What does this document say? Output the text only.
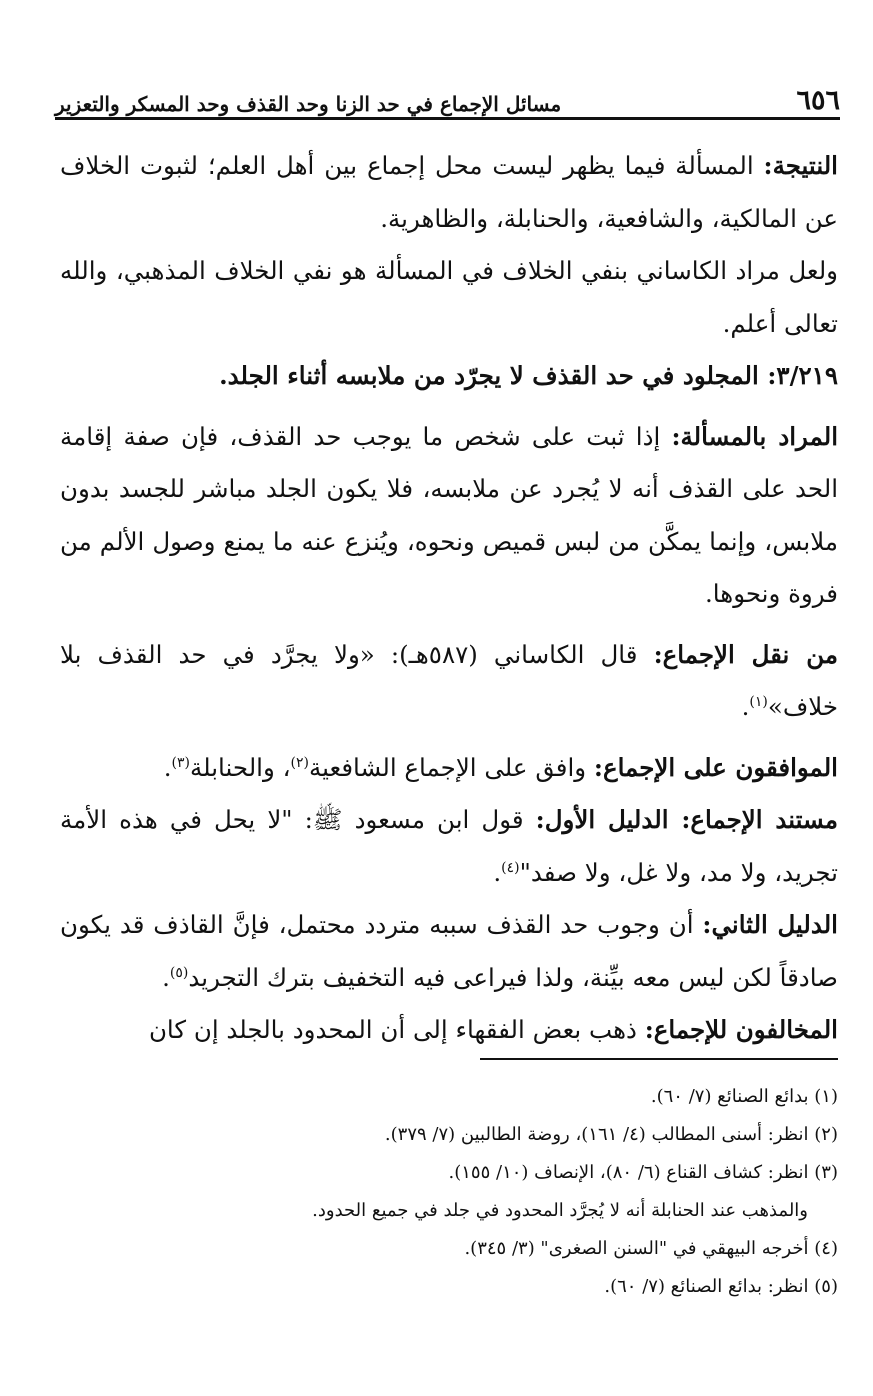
٦٥٦
مسائل الإجماع في حد الزنا وحد القذف وحد المسكر والتعزير

النتيجة: المسألة فيما يظهر ليست محل إجماع بين أهل العلم؛ لثبوت الخلاف عن المالكية، والشافعية، والحنابلة، والظاهرية.

ولعل مراد الكاساني بنفي الخلاف في المسألة هو نفي الخلاف المذهبي، والله تعالى أعلم.

٣/٢١٩: المجلود في حد القذف لا يجرّد من ملابسه أثناء الجلد.

المراد بالمسألة: إذا ثبت على شخص ما يوجب حد القذف، فإن صفة إقامة الحد على القذف أنه لا يُجرد عن ملابسه، فلا يكون الجلد مباشر للجسد بدون ملابس، وإنما يمكَّن من لبس قميص ونحوه، ويُنزع عنه ما يمنع وصول الألم من فروة ونحوها.

من نقل الإجماع: قال الكاساني (٥٨٧هـ): «ولا يجرَّد في حد القذف بلا خلاف»$^{(١)}$.

الموافقون على الإجماع: وافق على الإجماع الشافعية$^{(٢)}$، والحنابلة$^{(٣)}$.

مستند الإجماع: الدليل الأول: قول ابن مسعود ﷺ: "لا يحل في هذه الأمة تجريد، ولا مد، ولا غل، ولا صفد"$^{(٤)}$.

الدليل الثاني: أن وجوب حد القذف سببه متردد محتمل، فإنَّ القاذف قد يكون صادقاً لكن ليس معه بيِّنة، ولذا فيراعى فيه التخفيف بترك التجريد$^{(٥)}$.

المخالفون للإجماع: ذهب بعض الفقهاء إلى أن المحدود بالجلد إن كان

(١) بدائع الصنائع (٧/ ٦٠).

(٢) انظر: أسنى المطالب (٤/ ١٦١)، روضة الطالبين (٧/ ٣٧٩).

(٣) انظر: كشاف القناع (٦/ ٨٠)، الإنصاف (١٠/ ١٥٥).

والمذهب عند الحنابلة أنه لا يُجرَّد المحدود في جلد في جميع الحدود.

(٤) أخرجه البيهقي في "السنن الصغرى" (٣/ ٣٤٥).

(٥) انظر: بدائع الصنائع (٧/ ٦٠).
